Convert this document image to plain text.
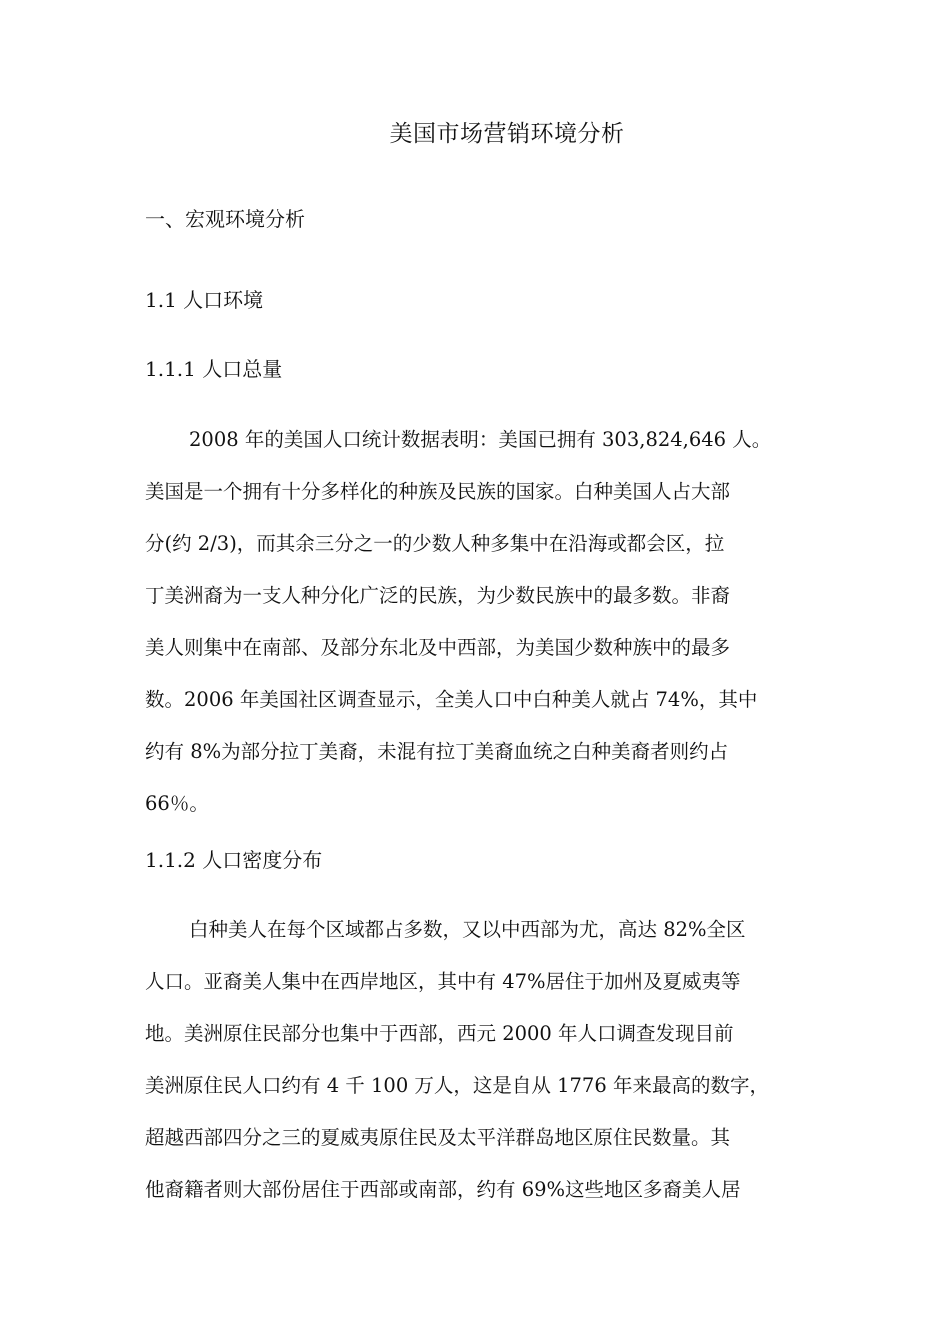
美国市场营销环境分析
一、宏观环境分析
1.1 人口环境
1.1.1 人口总量
2008 年的美国人口统计数据表明：美国已拥有 303,824,646 人。
美国是一个拥有十分多样化的种族及民族的国家。白种美国人占大部
分(约 2/3)，而其余三分之一的少数人种多集中在沿海或都会区，拉
丁美洲裔为一支人种分化广泛的民族，为少数民族中的最多数。非裔
美人则集中在南部、及部分东北及中西部，为美国少数种族中的最多
数。2006 年美国社区调查显示，全美人口中白种美人就占 74%，其中
约有 8%为部分拉丁美裔，未混有拉丁美裔血统之白种美裔者则约占
66％。
1.1.2 人口密度分布
白种美人在每个区域都占多数，又以中西部为尤，高达 82%全区
人口。亚裔美人集中在西岸地区，其中有 47%居住于加州及夏威夷等
地。美洲原住民部分也集中于西部，西元 2000 年人口调查发现目前
美洲原住民人口约有 4 千 100 万人，这是自从 1776 年来最高的数字，
超越西部四分之三的夏威夷原住民及太平洋群岛地区原住民数量。其
他裔籍者则大部份居住于西部或南部，约有 69%这些地区多裔美人居
